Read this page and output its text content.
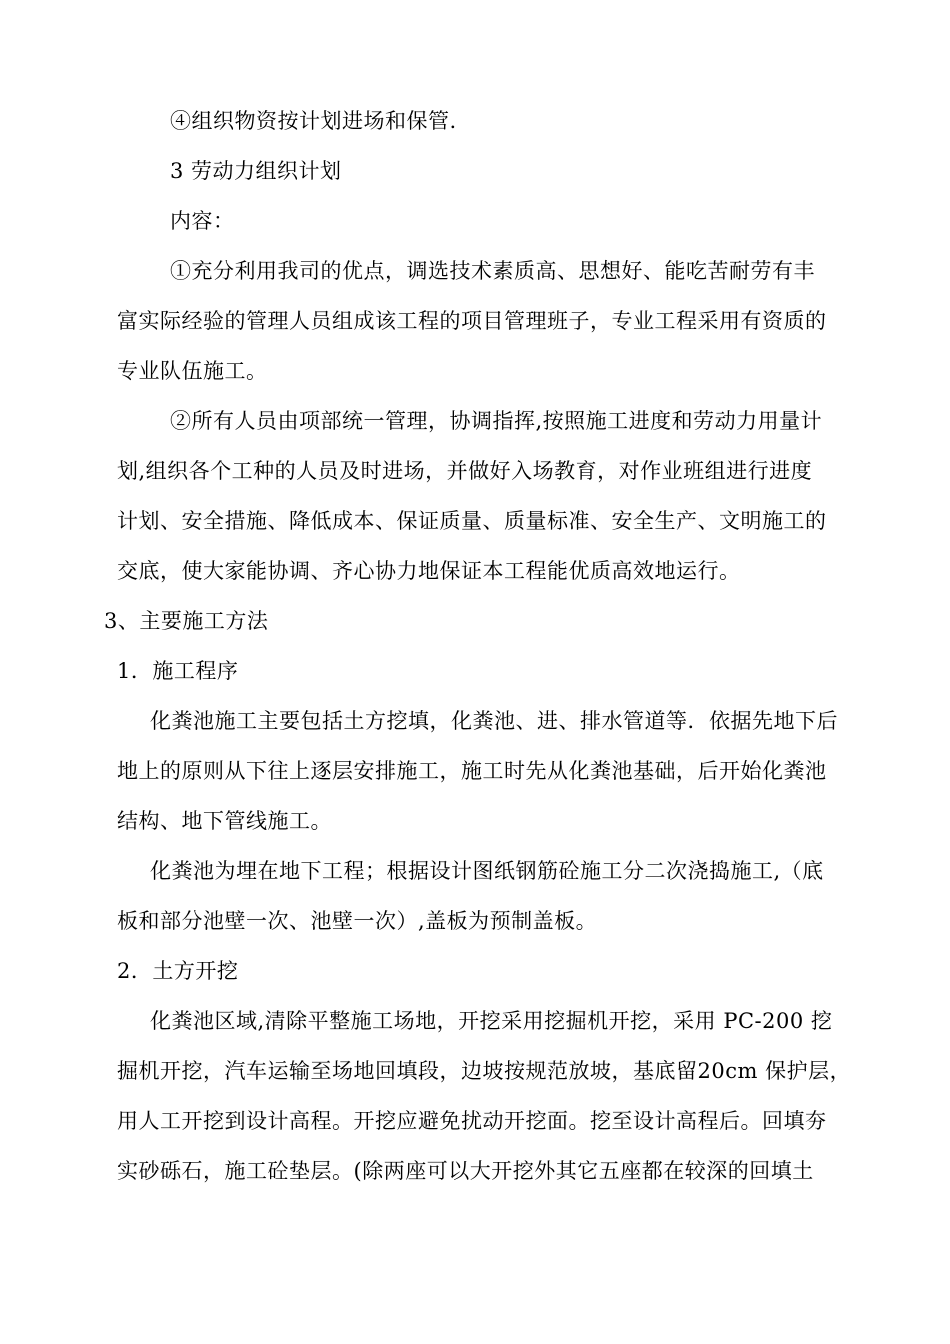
④组织物资按计划进场和保管.
3 劳动力组织计划
内容：
①充分利用我司的优点，调选技术素质高、思想好、能吃苦耐劳有丰
富实际经验的管理人员组成该工程的项目管理班子，专业工程采用有资质的
专业队伍施工。
②所有人员由项部统一管理，协调指挥,按照施工进度和劳动力用量计
划,组织各个工种的人员及时进场，并做好入场教育，对作业班组进行进度
计划、安全措施、降低成本、保证质量、质量标准、安全生产、文明施工的
交底，使大家能协调、齐心协力地保证本工程能优质高效地运行。
3、主要施工方法
1．施工程序
化粪池施工主要包括土方挖填，化粪池、进、排水管道等．依据先地下后
地上的原则从下往上逐层安排施工，施工时先从化粪池基础，后开始化粪池
结构、地下管线施工。
化粪池为埋在地下工程；根据设计图纸钢筋砼施工分二次浇捣施工,（底
板和部分池壁一次、池壁一次）,盖板为预制盖板。
2．土方开挖
化粪池区域,清除平整施工场地，开挖采用挖掘机开挖，采用 PC-200 挖
掘机开挖，汽车运输至场地回填段，边坡按规范放坡，基底留20cm 保护层，
用人工开挖到设计高程。开挖应避免扰动开挖面。挖至设计高程后。回填夯
实砂砾石，施工砼垫层。(除两座可以大开挖外其它五座都在较深的回填土
